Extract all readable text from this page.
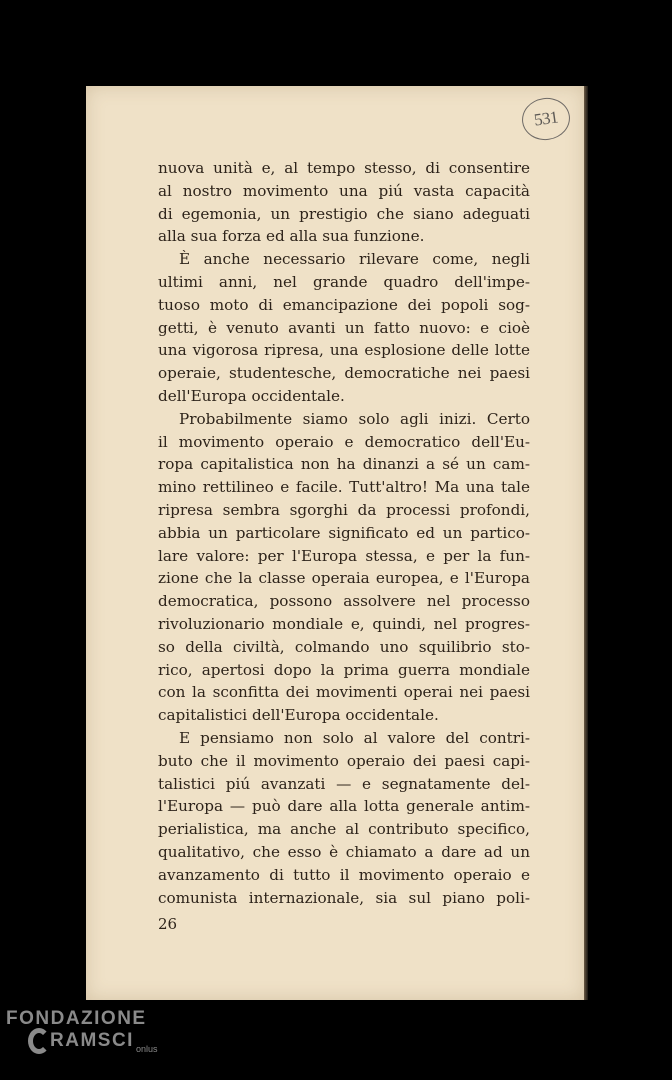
531
nuova unità e, al tempo stesso, di consentire
al nostro movimento una piú vasta capacità
di egemonia, un prestigio che siano adeguati
alla sua forza ed alla sua funzione.
È anche necessario rilevare come, negli
ultimi anni, nel grande quadro dell'impe-
tuoso moto di emancipazione dei popoli sog-
getti, è venuto avanti un fatto nuovo: e cioè
una vigorosa ripresa, una esplosione delle lotte
operaie, studentesche, democratiche nei paesi
dell'Europa occidentale.
Probabilmente siamo solo agli inizi. Certo
il movimento operaio e democratico dell'Eu-
ropa capitalistica non ha dinanzi a sé un cam-
mino rettilineo e facile. Tutt'altro! Ma una tale
ripresa sembra sgorghi da processi profondi,
abbia un particolare significato ed un partico-
lare valore: per l'Europa stessa, e per la fun-
zione che la classe operaia europea, e l'Europa
democratica, possono assolvere nel processo
rivoluzionario mondiale e, quindi, nel progres-
so della civiltà, colmando uno squilibrio sto-
rico, apertosi dopo la prima guerra mondiale
con la sconfitta dei movimenti operai nei paesi
capitalistici dell'Europa occidentale.
E pensiamo non solo al valore del contri-
buto che il movimento operaio dei paesi capi-
talistici piú avanzati — e segnatamente del-
l'Europa — può dare alla lotta generale antim-
perialistica, ma anche al contributo specifico,
qualitativo, che esso è chiamato a dare ad un
avanzamento di tutto il movimento operaio e
comunista internazionale, sia sul piano poli-
26
FONDAZIONE
RAMSCI onlus
